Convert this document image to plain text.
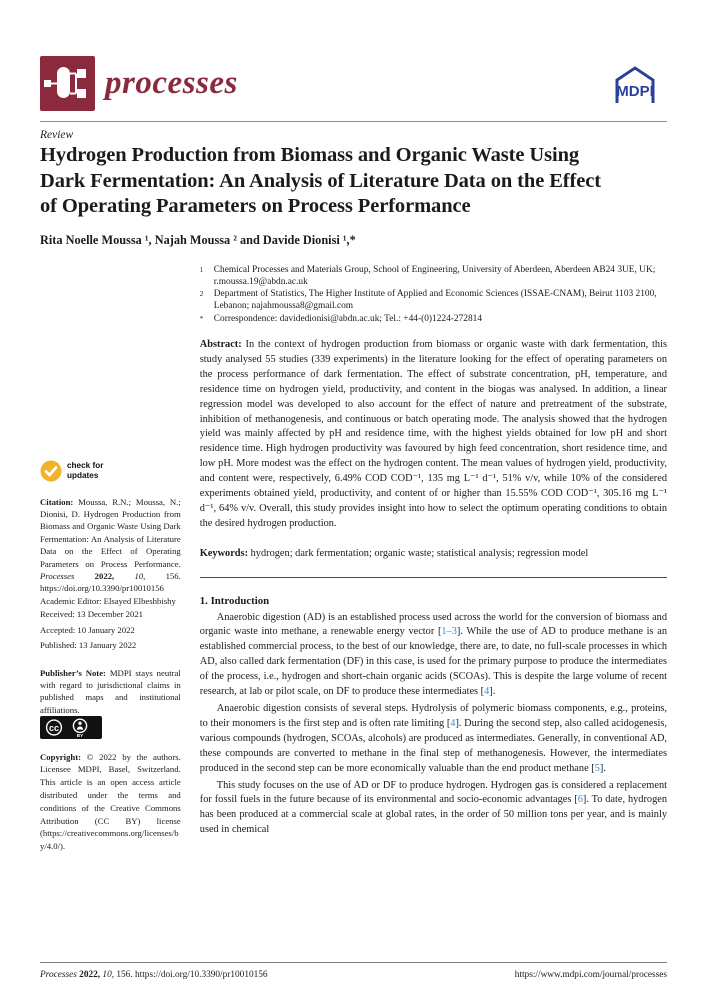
processes	MDPI
Review
Hydrogen Production from Biomass and Organic Waste Using
Dark Fermentation: An Analysis of Literature Data on the Effect
of Operating Parameters on Process Performance
Rita Noelle Moussa ¹, Najah Moussa ² and Davide Dionisi ¹,*
check for
updates

Citation: Moussa, R.N.; Moussa, N.; Dionisi, D. Hydrogen Production from Biomass and Organic Waste Using Dark Fermentation: An Analysis of Literature Data on the Effect of Operating Parameters on Process Performance. Processes 2022, 10, 156. https://doi.org/10.3390/pr10010156

Academic Editor: Elsayed Elbeshbishy

Received: 13 December 2021
Accepted: 10 January 2022
Published: 13 January 2022

Publisher’s Note: MDPI stays neutral with regard to jurisdictional claims in published maps and institutional affiliations.

cc
BY

Copyright: © 2022 by the authors. Licensee MDPI, Basel, Switzerland. This article is an open access article distributed under the terms and conditions of the Creative Commons Attribution (CC BY) license (https://creativecommons.org/licenses/by/4.0/).

1	Chemical Processes and Materials Group, School of Engineering, University of Aberdeen, Aberdeen AB24 3UE, UK; r.moussa.19@abdn.ac.uk
2	Department of Statistics, The Higher Institute of Applied and Economic Sciences (ISSAE-CNAM), Beirut 1103 2100, Lebanon; najahmoussa8@gmail.com
*	Correspondence: davidedionisi@abdn.ac.uk; Tel.: +44-(0)1224-272814

Abstract: In the context of hydrogen production from biomass or organic waste with dark fermentation, this study analysed 55 studies (339 experiments) in the literature looking for the effect of operating parameters on the process performance of dark fermentation. The effect of substrate concentration, pH, temperature, and residence time on hydrogen yield, productivity, and content in the biogas was analysed. In addition, a linear regression model was developed to also account for the effect of nature and pretreatment of the substrate, inhibition of methanogenesis, and continuous or batch operating mode. The analysis showed that the hydrogen yield was mainly affected by pH and residence time, with the highest yields obtained for low pH and short residence time. High hydrogen productivity was favoured by high feed concentration, short residence time, and low pH. More modest was the effect on the hydrogen content. The mean values of hydrogen yield, productivity, and content were, respectively, 6.49% COD COD⁻¹, 135 mg L⁻¹ d⁻¹, 51% v/v, while 10% of the considered experiments obtained yield, productivity, and content of or higher than 15.55% COD COD⁻¹, 305.16 mg L⁻¹ d⁻¹, 64% v/v. Overall, this study provides insight into how to select the optimum operating conditions to obtain the desired hydrogen production.

Keywords: hydrogen; dark fermentation; organic waste; statistical analysis; regression model

1. Introduction

Anaerobic digestion (AD) is an established process used across the world for the conversion of biomass and organic waste into methane, a renewable energy vector [1–3]. While the use of AD to produce methane is an established commercial process, to the best of our knowledge, there are, to date, no full-scale processes in which AD, also called dark fermentation (DF) in this case, is used for the primary purpose to produce the intermediates of the process, i.e., hydrogen and short-chain organic acids (SCOAs). This is despite the large volume of recent research, at lab or pilot scale, on DF to produce these intermediates [4].

Anaerobic digestion consists of several steps. Hydrolysis of polymeric biomass components, e.g., proteins, to their monomers is the first step and is often rate limiting [4]. During the second step, also called acidogenesis, various compounds (hydrogen, SCOAs, alcohols) are produced as intermediates. Generally, in conventional AD, these compounds are converted to methane in the final step of methanogenesis. However, the intermediates produced in the second step can be more economically valuable than the end product methane [5].

This study focuses on the use of AD or DF to produce hydrogen. Hydrogen gas is considered a replacement for fossil fuels in the future because of its environmental and socio-economic advantages [6]. To date, hydrogen has been produced at a commercial scale at global rates, in the order of 50 million tons per year, and is mainly used in chemical

Processes 2022, 10, 156. https://doi.org/10.3390/pr10010156	https://www.mdpi.com/journal/processes
